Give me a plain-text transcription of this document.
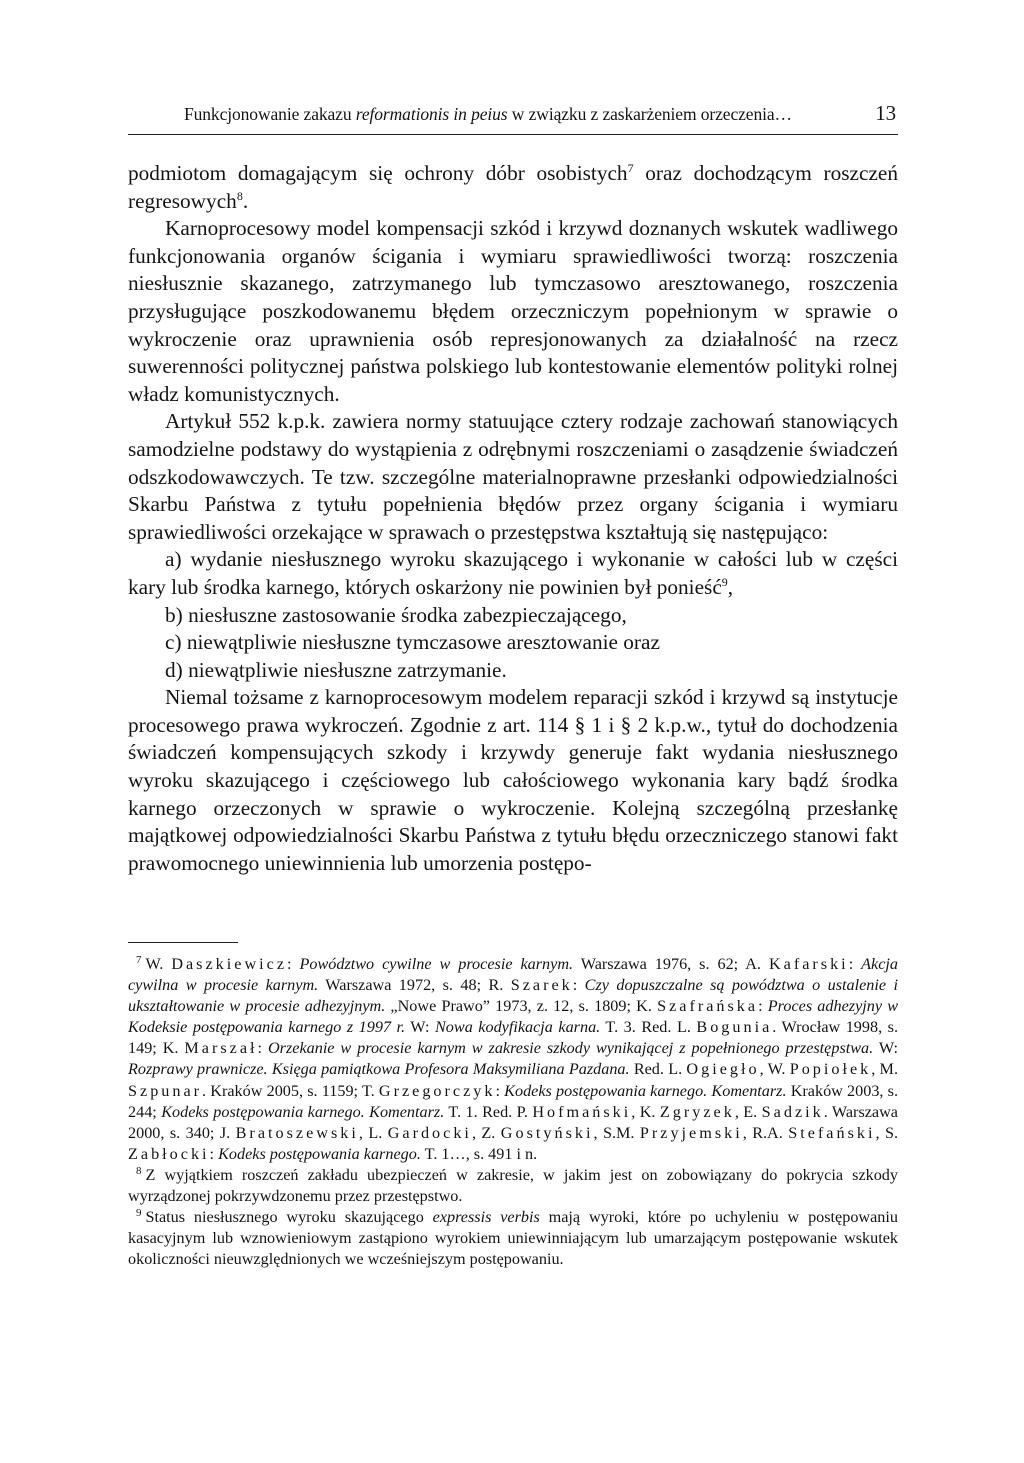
Funkcjonowanie zakazu reformationis in peius w związku z zaskarżeniem orzeczenia…	13

podmiotom domagającym się ochrony dóbr osobistych$^7$ oraz dochodzącym roszczeń regresowych$^8$.

Karnoprocesowy model kompensacji szkód i krzywd doznanych wskutek wadliwego funkcjonowania organów ścigania i wymiaru sprawiedliwości tworzą: roszczenia niesłusznie skazanego, zatrzymanego lub tymczasowo aresztowanego, roszczenia przysługujące poszkodowanemu błędem orzeczniczym popełnionym w sprawie o wykroczenie oraz uprawnienia osób represjonowanych za działalność na rzecz suwerenności politycznej państwa polskiego lub kontestowanie elementów polityki rolnej władz komunistycznych.

Artykuł 552 k.p.k. zawiera normy statuujące cztery rodzaje zachowań stanowiących samodzielne podstawy do wystąpienia z odrębnymi roszczeniami o zasądzenie świadczeń odszkodowawczych. Te tzw. szczególne materialnoprawne przesłanki odpowiedzialności Skarbu Państwa z tytułu popełnienia błędów przez organy ścigania i wymiaru sprawiedliwości orzekające w sprawach o przestępstwa kształtują się następująco:

a) wydanie niesłusznego wyroku skazującego i wykonanie w całości lub w części kary lub środka karnego, których oskarżony nie powinien był ponieść$^9$,

b) niesłuszne zastosowanie środka zabezpieczającego,

c) niewątpliwie niesłuszne tymczasowe aresztowanie oraz

d) niewątpliwie niesłuszne zatrzymanie.

Niemal tożsame z karnoprocesowym modelem reparacji szkód i krzywd są instytucje procesowego prawa wykroczeń. Zgodnie z art. 114 § 1 i § 2 k.p.w., tytuł do dochodzenia świadczeń kompensujących szkody i krzywdy generuje fakt wydania niesłusznego wyroku skazującego i częściowego lub całościowego wykonania kary bądź środka karnego orzeczonych w sprawie o wykroczenie. Kolejną szczególną przesłankę majątkowej odpowiedzialności Skarbu Państwa z tytułu błędu orzeczniczego stanowi fakt prawomocnego uniewinnienia lub umorzenia postępo-

$^7$ W. Daszkiewicz: Powództwo cywilne w procesie karnym. Warszawa 1976, s. 62; A. Kafarski: Akcja cywilna w procesie karnym. Warszawa 1972, s. 48; R. Szarek: Czy dopuszczalne są powództwa o ustalenie i ukształtowanie w procesie adhezyjnym. „Nowe Prawo” 1973, z. 12, s. 1809; K. Szafrańska: Proces adhezyjny w Kodeksie postępowania karnego z 1997 r. W: Nowa kodyfikacja karna. T. 3. Red. L. Bogunia. Wrocław 1998, s. 149; K. Marszał: Orzekanie w procesie karnym w zakresie szkody wynikającej z popełnionego przestępstwa. W: Rozprawy prawnicze. Księga pamiątkowa Profesora Maksymiliana Pazdana. Red. L. Ogiegło, W. Popiołek, M. Szpunar. Kraków 2005, s. 1159; T. Grzegorczyk: Kodeks postępowania karnego. Komentarz. Kraków 2003, s. 244; Kodeks postępowania karnego. Komentarz. T. 1. Red. P. Hofmański, K. Zgryzek, E. Sadzik. Warszawa 2000, s. 340; J. Bratoszewski, L. Gardocki, Z. Gostyński, S.M. Przyjemski, R.A. Stefański, S. Zabłocki: Kodeks postępowania karnego. T. 1…, s. 491 i n.

$^8$ Z wyjątkiem roszczeń zakładu ubezpieczeń w zakresie, w jakim jest on zobowiązany do pokrycia szkody wyrządzonej pokrzywdzonemu przez przestępstwo.

$^9$ Status niesłusznego wyroku skazującego expressis verbis mają wyroki, które po uchyleniu w postępowaniu kasacyjnym lub wznowieniowym zastąpiono wyrokiem uniewinniającym lub umarzającym postępowanie wskutek okoliczności nieuwzględnionych we wcześniejszym postępowaniu.
